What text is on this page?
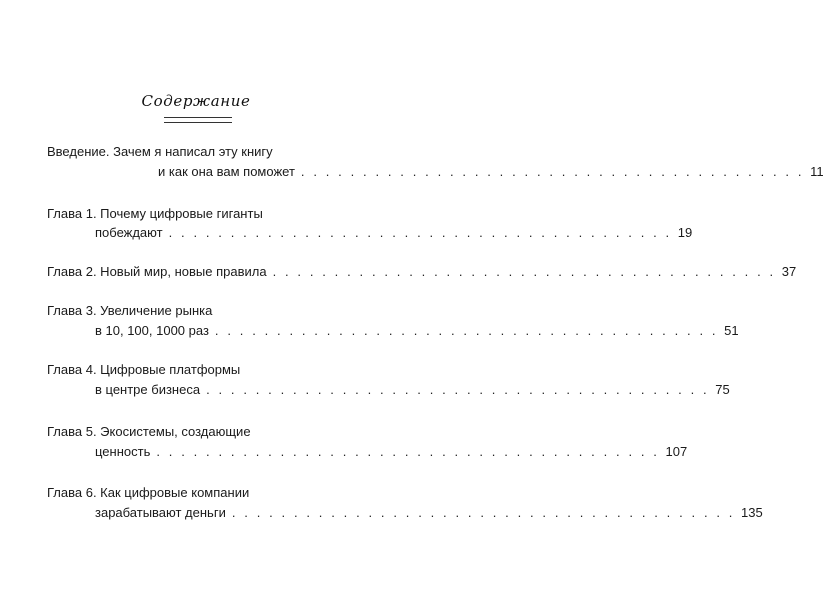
Содержание
Введение. Зачем я написал эту книгу
и как она вам поможет . . . . . . . . . . . . . . . . . . . . . . . . . . . . . . . . . . . . . . . . . 11
Глава 1. Почему цифровые гиганты
побеждают . . . . . . . . . . . . . . . . . . . . . . . . . . . . . . . . . . . . . . . . . 19
Глава 2. Новый мир, новые правила . . . . . . . . . . . . . . . . . . . . . . . . . . . . . . . . . . . . . . . . . 37
Глава 3. Увеличение рынка
в 10, 100, 1000 раз . . . . . . . . . . . . . . . . . . . . . . . . . . . . . . . . . . . . . . . . . 51
Глава 4. Цифровые платформы
в центре бизнеса . . . . . . . . . . . . . . . . . . . . . . . . . . . . . . . . . . . . . . . . . 75
Глава 5. Экосистемы, создающие
ценность . . . . . . . . . . . . . . . . . . . . . . . . . . . . . . . . . . . . . . . . . 107
Глава 6. Как цифровые компании
зарабатывают деньги . . . . . . . . . . . . . . . . . . . . . . . . . . . . . . . . . . . . . . . . . 135
